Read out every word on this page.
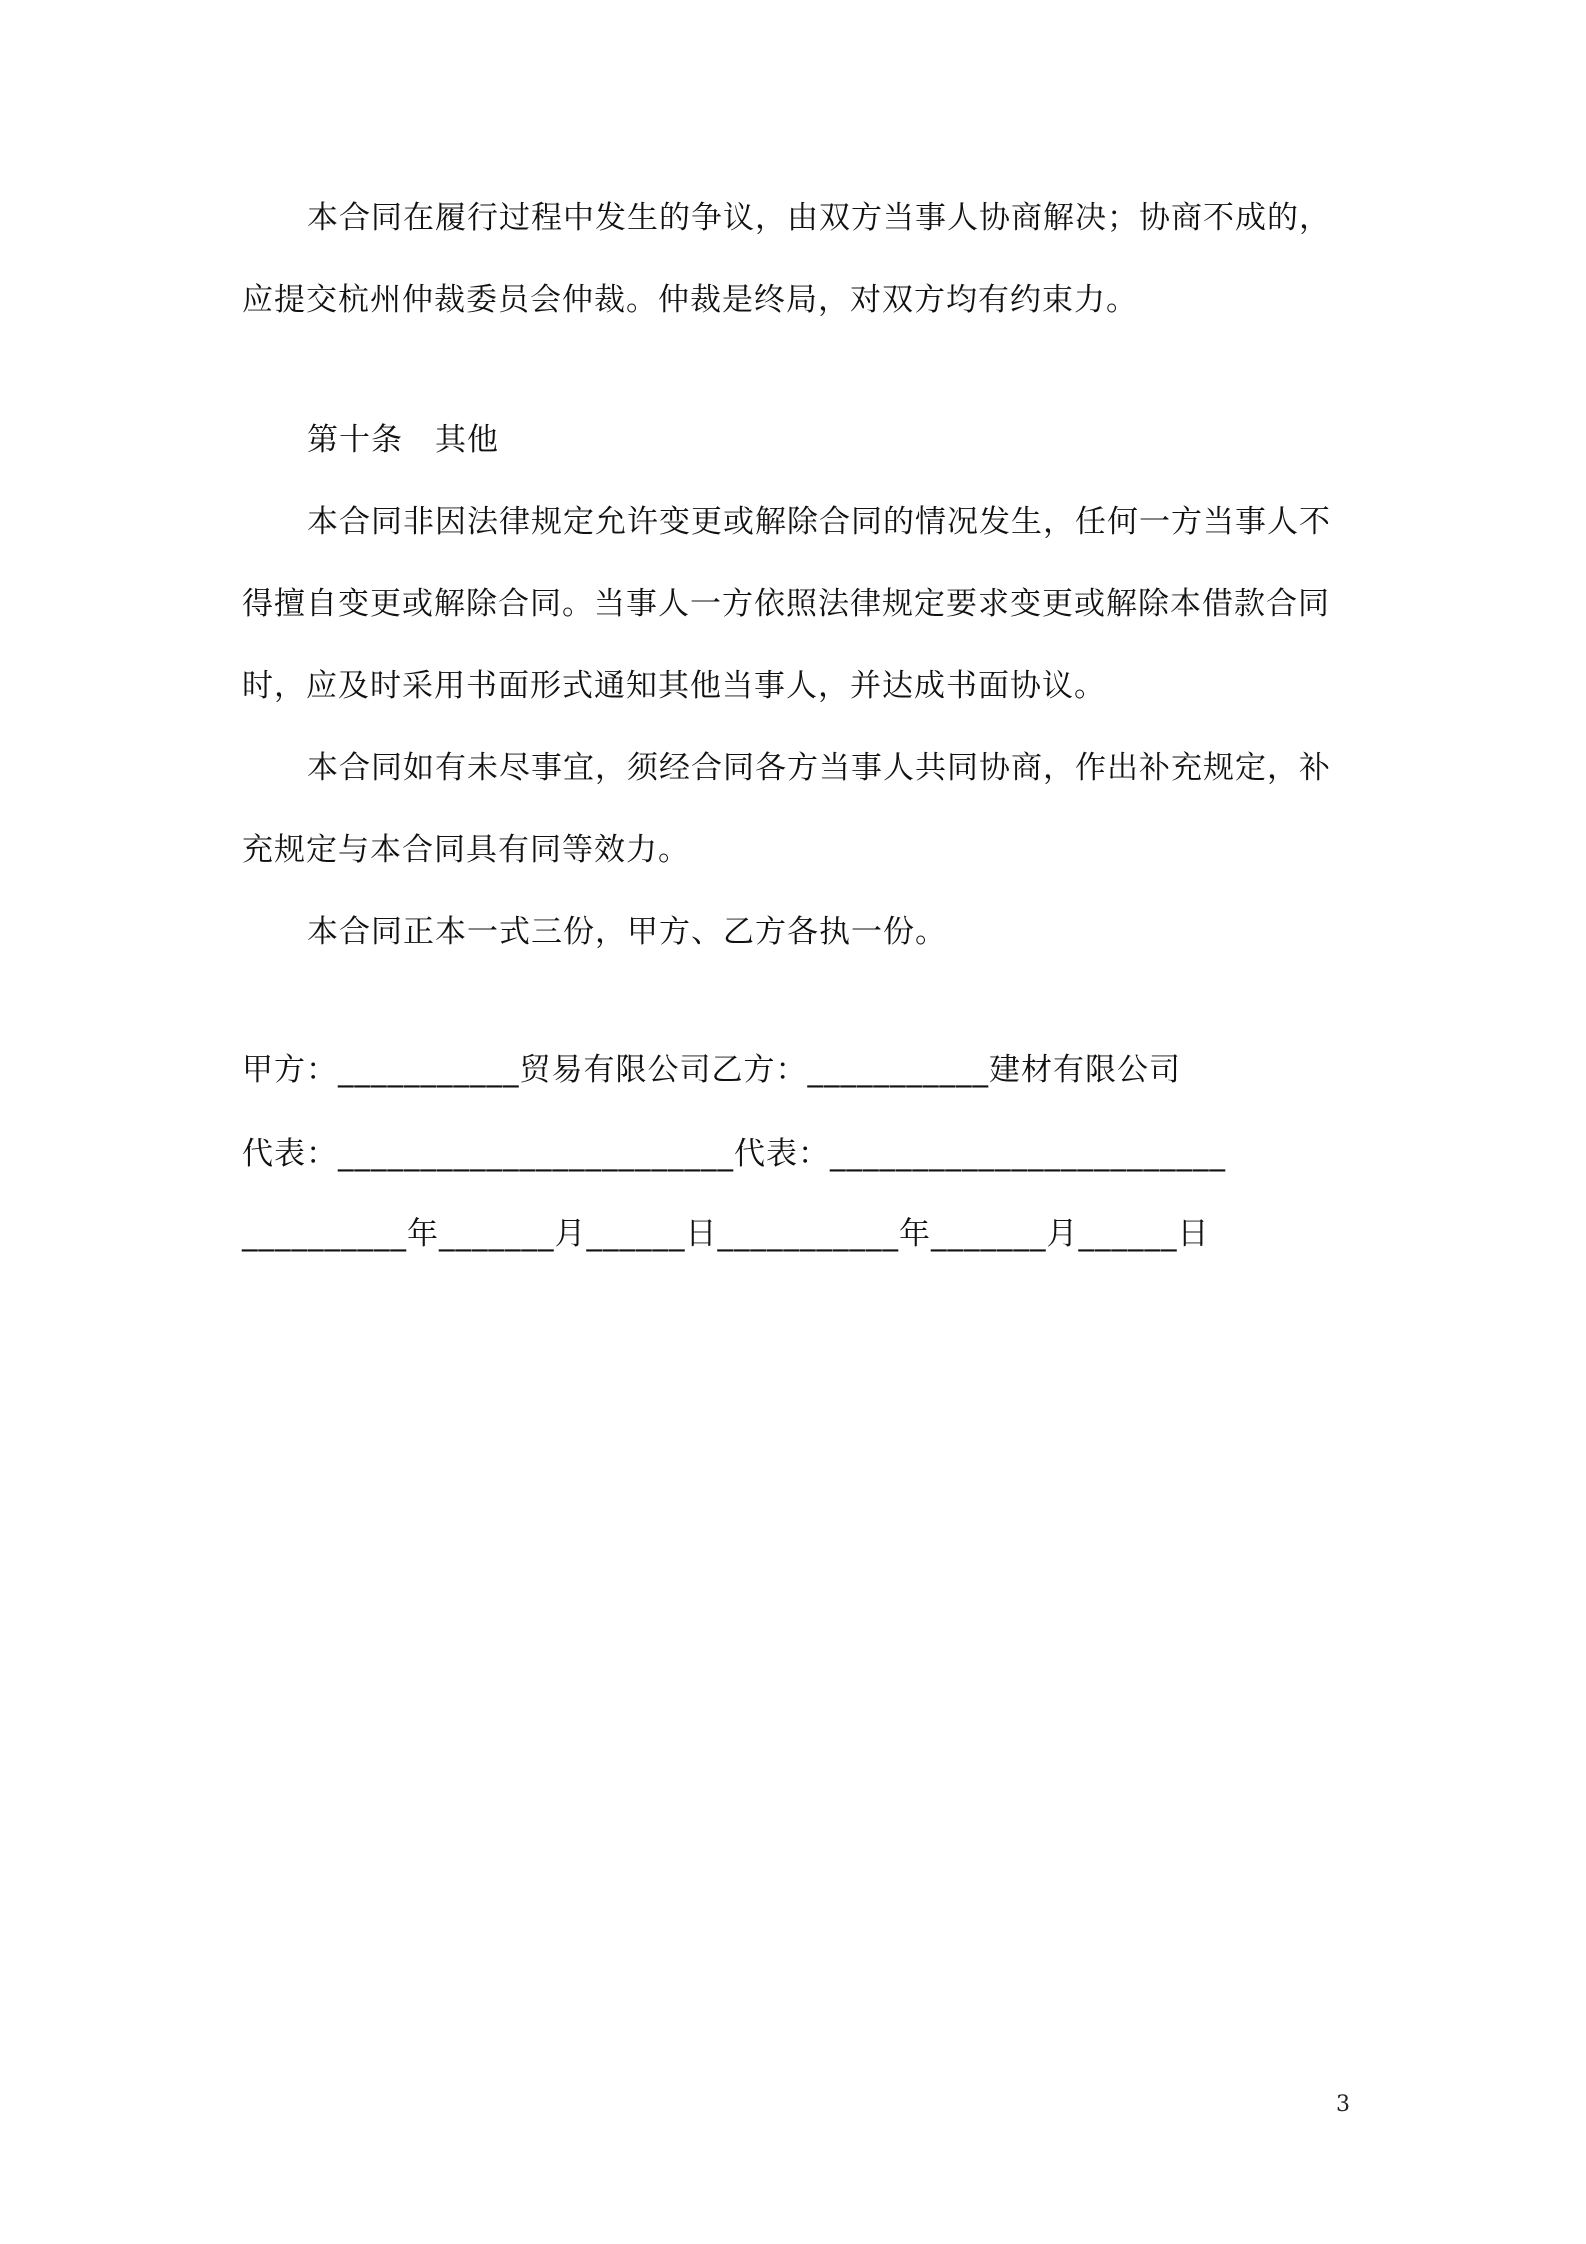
本合同在履行过程中发生的争议，由双方当事人协商解决；协商不成的，
应提交杭州仲裁委员会仲裁。仲裁是终局，对双方均有约束力。
第十条　其他
本合同非因法律规定允许变更或解除合同的情况发生，任何一方当事人不
得擅自变更或解除合同。当事人一方依照法律规定要求变更或解除本借款合同
时，应及时采用书面形式通知其他当事人，并达成书面协议。
本合同如有未尽事宜，须经合同各方当事人共同协商，作出补充规定，补
充规定与本合同具有同等效力。
本合同正本一式三份，甲方、乙方各执一份。
甲方：___________贸易有限公司乙方：___________建材有限公司
代表：________________________代表：________________________
__________年_______月______日___________年_______月______日
3
